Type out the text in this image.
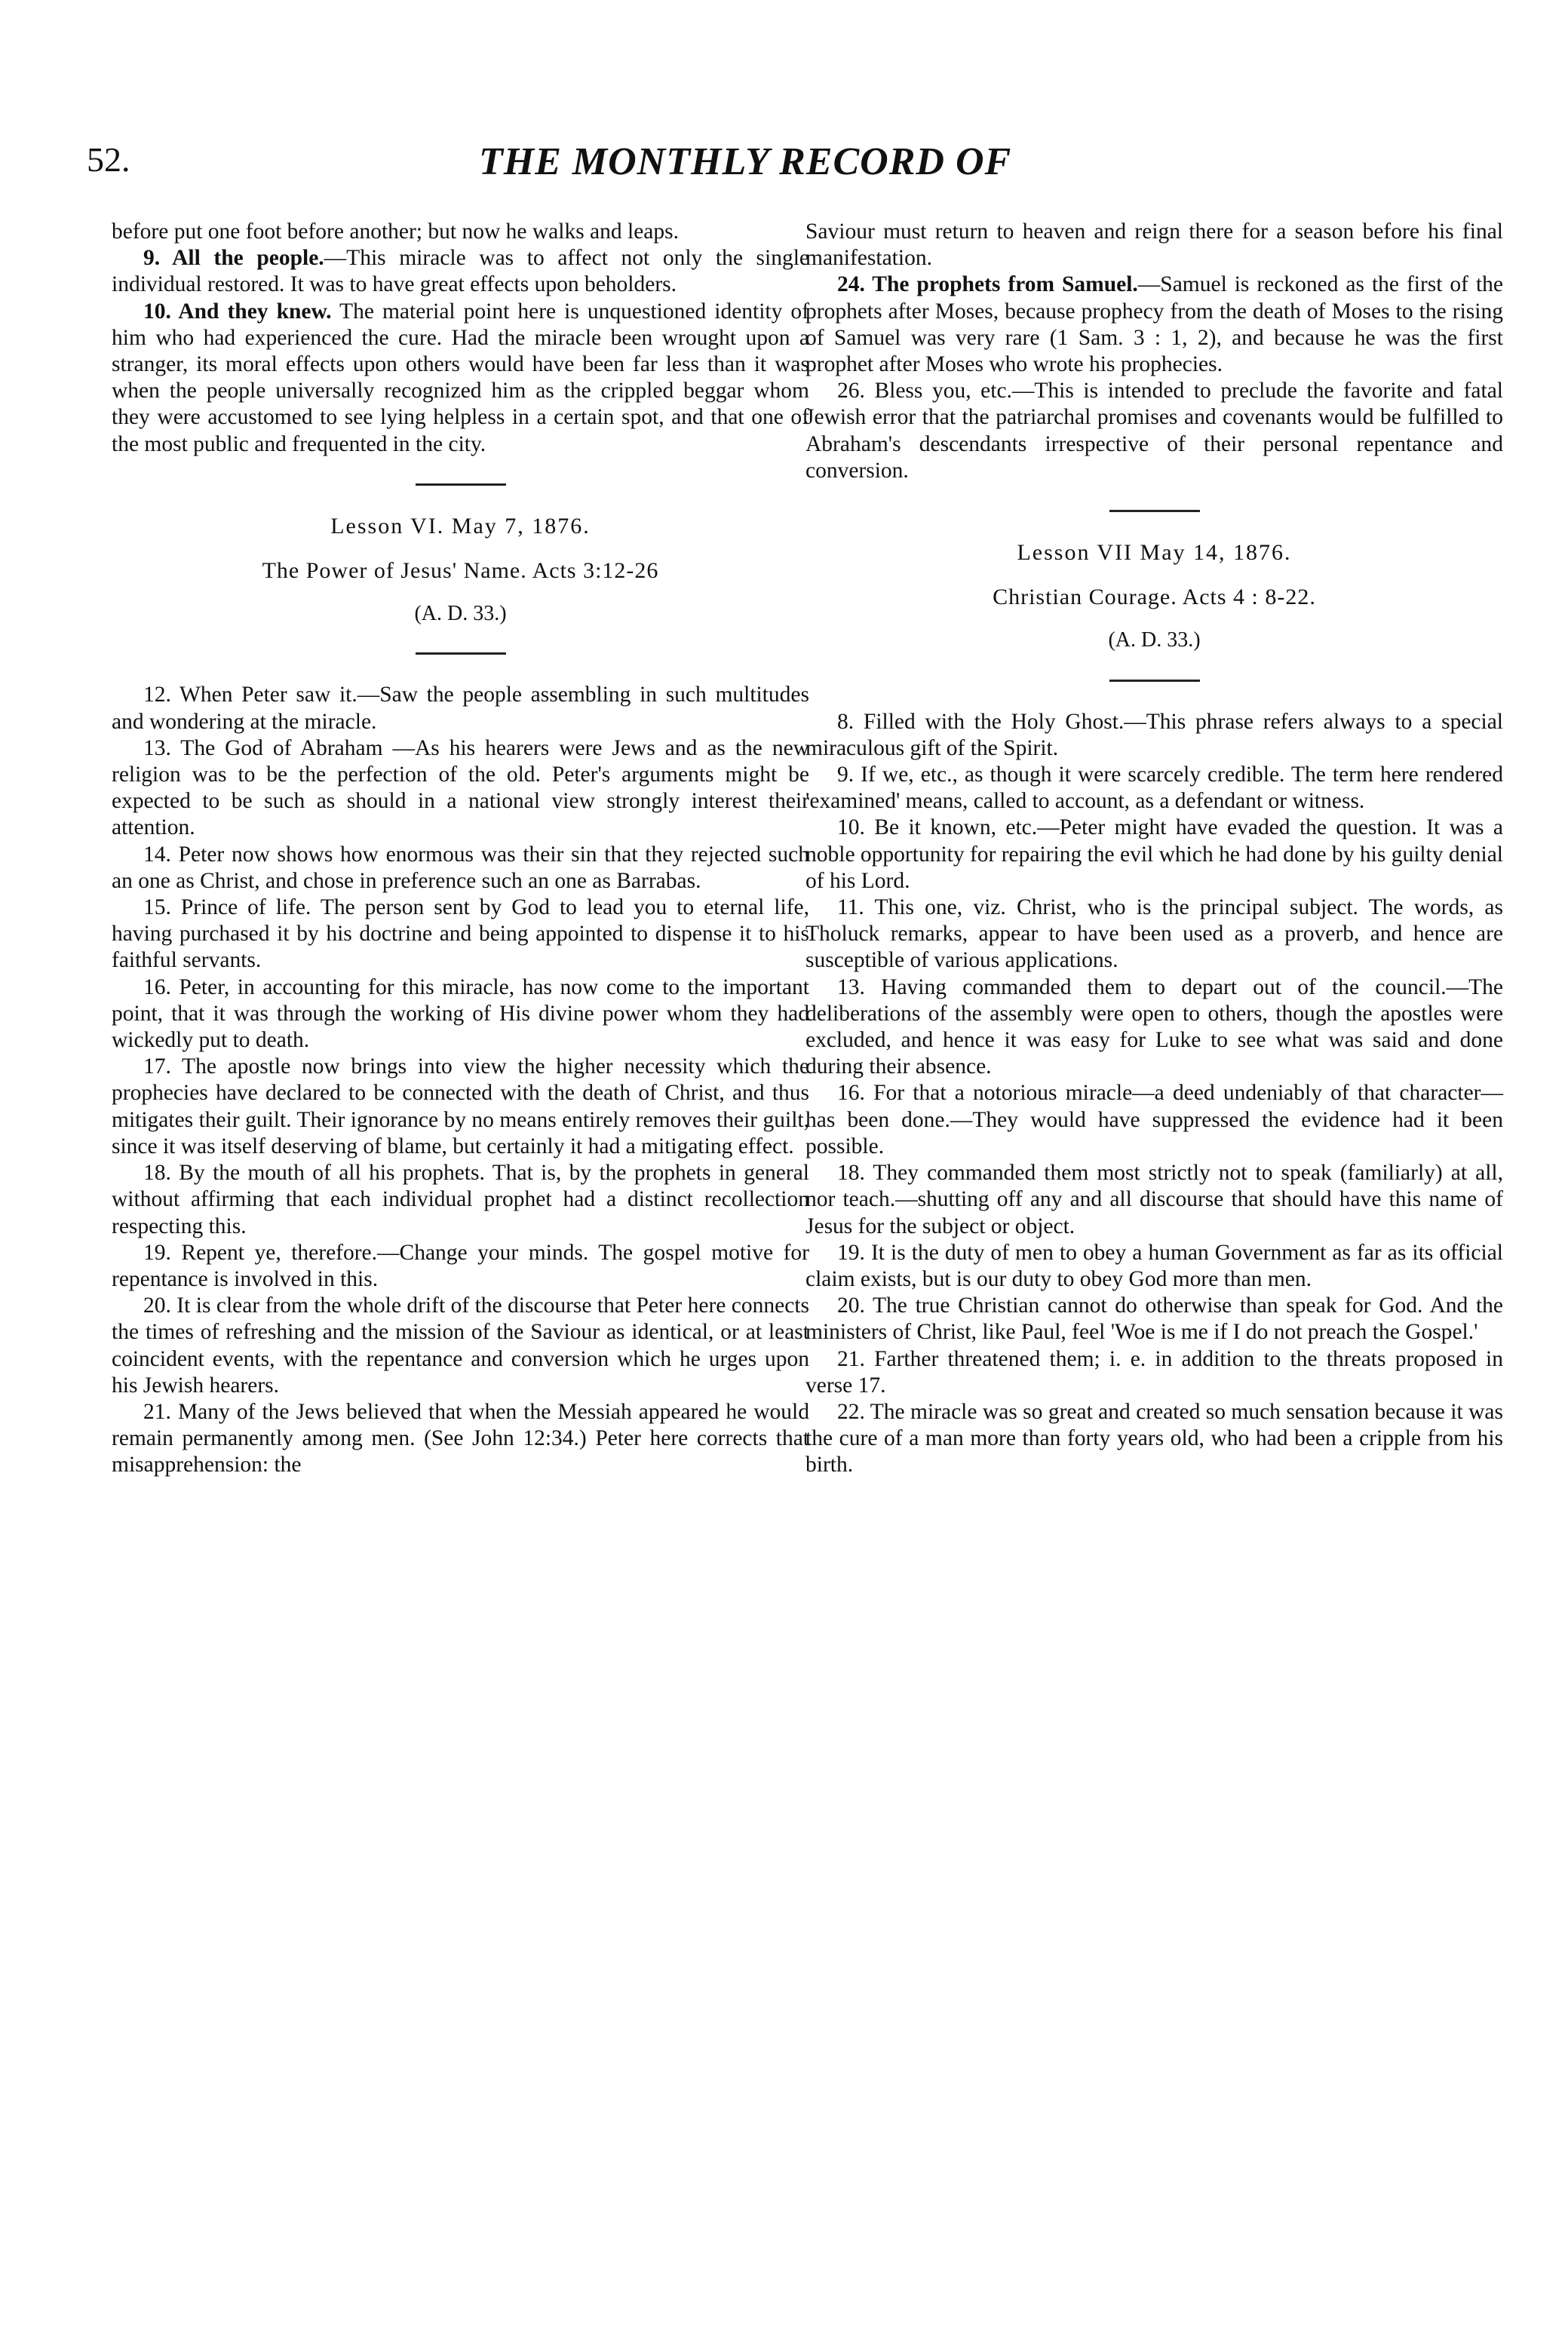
52.	THE MONTHLY RECORD OF

before put one foot before another; but now he walks and leaps.

9. All the people.—This miracle was to affect not only the single individual restored. It was to have great effects upon beholders.

10. And they knew. The material point here is unquestioned identity of him who had experienced the cure. Had the miracle been wrought upon a stranger, its moral effects upon others would have been far less than it was when the people universally recognized him as the crippled beggar whom they were accustomed to see lying helpless in a certain spot, and that one of the most public and frequented in the city.

Lesson VI. May 7, 1876.
The Power of Jesus' Name. Acts 3:12-26
(A. D. 33.)

12. When Peter saw it.—Saw the people assembling in such multitudes and wondering at the miracle.

13. The God of Abraham —As his hearers were Jews and as the new religion was to be the perfection of the old. Peter's arguments might be expected to be such as should in a national view strongly interest their attention.

14. Peter now shows how enormous was their sin that they rejected such an one as Christ, and chose in preference such an one as Barrabas.

15. Prince of life. The person sent by God to lead you to eternal life, having purchased it by his doctrine and being appointed to dispense it to his faithful servants.

16. Peter, in accounting for this miracle, has now come to the important point, that it was through the working of His divine power whom they had wickedly put to death.

17. The apostle now brings into view the higher necessity which the prophecies have declared to be connected with the death of Christ, and thus mitigates their guilt. Their ignorance by no means entirely removes their guilt, since it was itself deserving of blame, but certainly it had a mitigating effect.

18. By the mouth of all his prophets. That is, by the prophets in general without affirming that each individual prophet had a distinct recollection respecting this.

19. Repent ye, therefore.—Change your minds. The gospel motive for repentance is involved in this.

20. It is clear from the whole drift of the discourse that Peter here connects the times of refreshing and the mission of the Saviour as identical, or at least coincident events, with the repentance and conversion which he urges upon his Jewish hearers.

21. Many of the Jews believed that when the Messiah appeared he would remain permanently among men. (See John 12:34.) Peter here corrects that misapprehension: the

Saviour must return to heaven and reign there for a season before his final manifestation.

24. The prophets from Samuel.—Samuel is reckoned as the first of the prophets after Moses, because prophecy from the death of Moses to the rising of Samuel was very rare (1 Sam. 3 : 1, 2), and because he was the first prophet after Moses who wrote his prophecies.

26. Bless you, etc.—This is intended to preclude the favorite and fatal Jewish error that the patriarchal promises and covenants would be fulfilled to Abraham's descendants irrespective of their personal repentance and conversion.

Lesson VII May 14, 1876.
Christian Courage. Acts 4 : 8-22.
(A. D. 33.)

8. Filled with the Holy Ghost.—This phrase refers always to a special miraculous gift of the Spirit.

9. If we, etc., as though it were scarcely credible. The term here rendered 'examined' means, called to account, as a defendant or witness.

10. Be it known, etc.—Peter might have evaded the question. It was a noble opportunity for repairing the evil which he had done by his guilty denial of his Lord.

11. This one, viz. Christ, who is the principal subject. The words, as Tholuck remarks, appear to have been used as a proverb, and hence are susceptible of various applications.

13. Having commanded them to depart out of the council.—The deliberations of the assembly were open to others, though the apostles were excluded, and hence it was easy for Luke to see what was said and done during their absence.

16. For that a notorious miracle—a deed undeniably of that character—has been done.—They would have suppressed the evidence had it been possible.

18. They commanded them most strictly not to speak (familiarly) at all, nor teach.—shutting off any and all discourse that should have this name of Jesus for the subject or object.

19. It is the duty of men to obey a human Government as far as its official claim exists, but is our duty to obey God more than men.

20. The true Christian cannot do otherwise than speak for God. And the ministers of Christ, like Paul, feel 'Woe is me if I do not preach the Gospel.'

21. Farther threatened them; i. e. in addition to the threats proposed in verse 17.

22. The miracle was so great and created so much sensation because it was the cure of a man more than forty years old, who had been a cripple from his birth.
